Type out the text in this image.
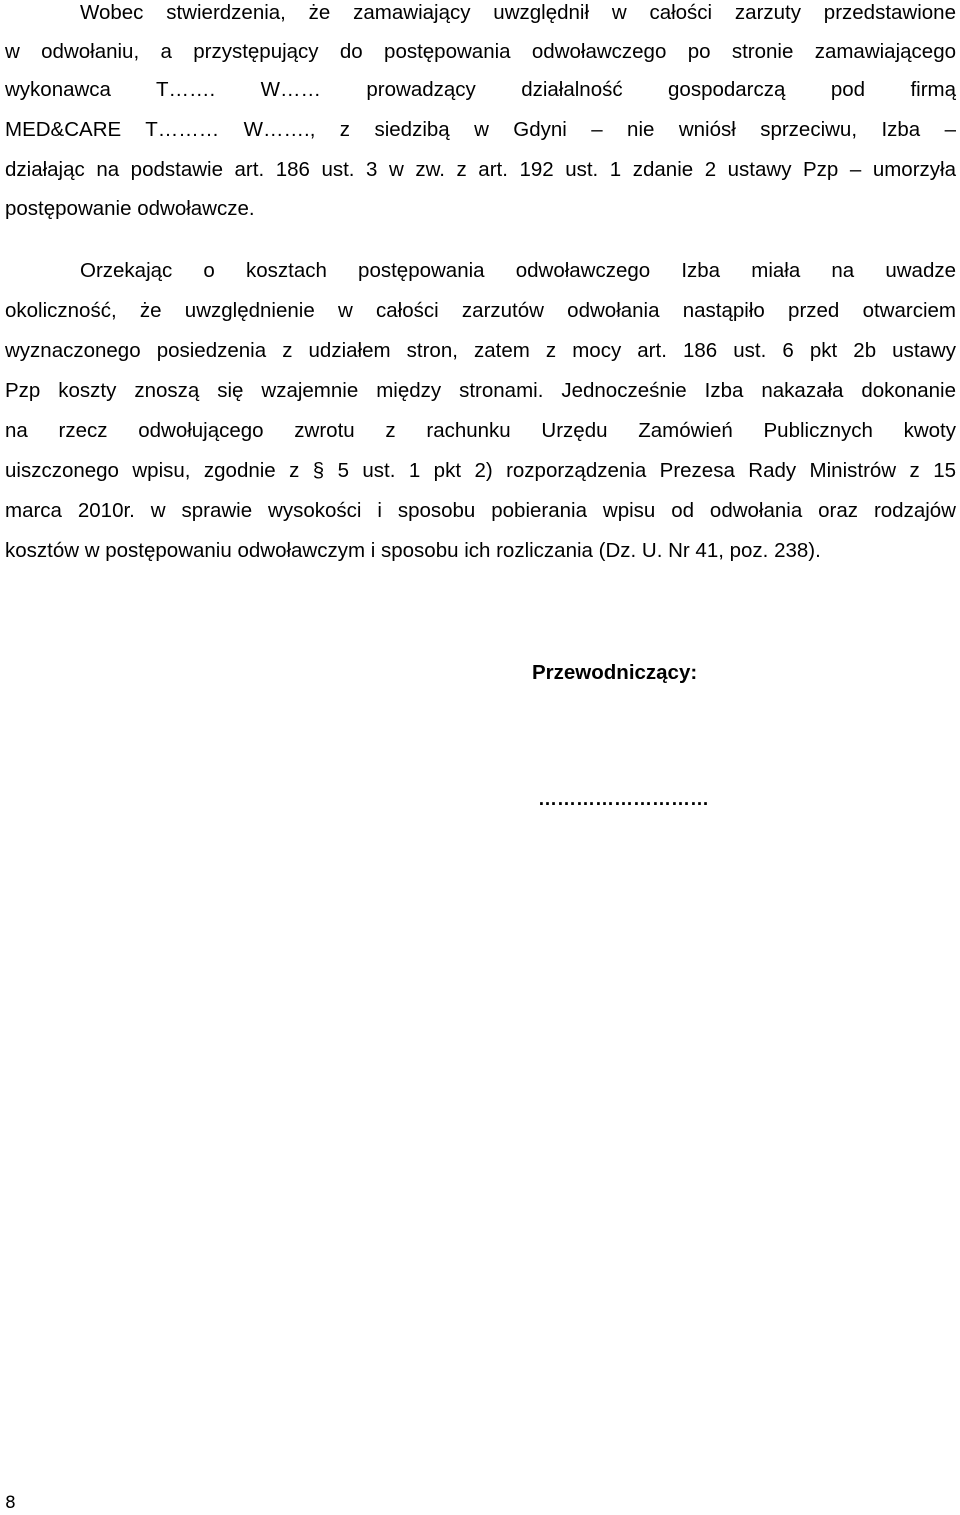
Wobec stwierdzenia, że zamawiający uwzględnił w całości zarzuty przedstawione
w odwołaniu, a przystępujący do postępowania odwoławczego po stronie zamawiającego
wykonawca T……. W…… prowadzący działalność gospodarczą pod firmą
MED&CARE T……… W……., z siedzibą w Gdyni – nie wniósł sprzeciwu, Izba –
działając na podstawie art. 186 ust. 3 w zw. z art. 192 ust. 1 zdanie 2 ustawy Pzp – umorzyła
postępowanie odwoławcze.
Orzekając o kosztach postępowania odwoławczego Izba miała na uwadze
okoliczność, że uwzględnienie w całości zarzutów odwołania nastąpiło przed otwarciem
wyznaczonego posiedzenia z udziałem stron, zatem z mocy art. 186 ust. 6 pkt 2b ustawy
Pzp koszty znoszą się wzajemnie między stronami. Jednocześnie Izba nakazała dokonanie
na rzecz odwołującego zwrotu z rachunku Urzędu Zamówień Publicznych kwoty
uiszczonego wpisu, zgodnie z § 5 ust. 1 pkt 2) rozporządzenia Prezesa Rady Ministrów z 15
marca 2010r. w sprawie wysokości i sposobu pobierania wpisu od odwołania oraz rodzajów
kosztów w postępowaniu odwoławczym i sposobu ich rozliczania (Dz. U. Nr 41, poz. 238).
Przewodniczący:
………………………
8
